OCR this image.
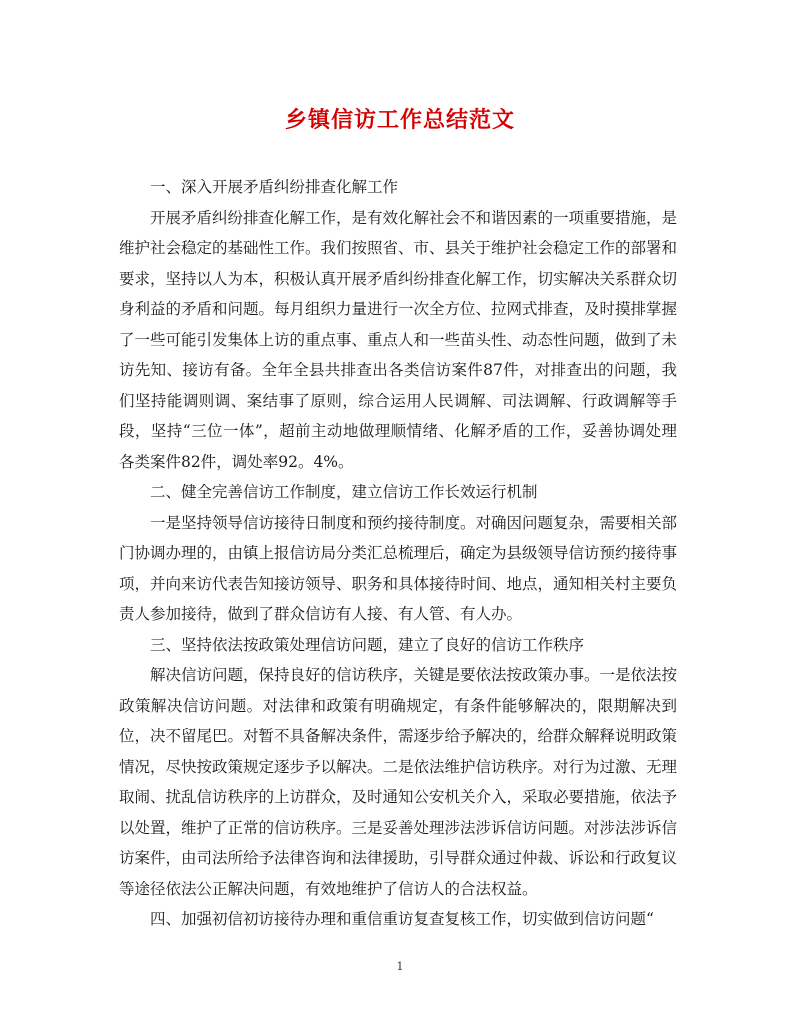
乡镇信访工作总结范文

一、深入开展矛盾纠纷排查化解工作

开展矛盾纠纷排查化解工作，是有效化解社会不和谐因素的一项重要措施，是维护社会稳定的基础性工作。我们按照省、市、县关于维护社会稳定工作的部署和要求，坚持以人为本，积极认真开展矛盾纠纷排查化解工作，切实解决关系群众切身利益的矛盾和问题。每月组织力量进行一次全方位、拉网式排查，及时摸排掌握了一些可能引发集体上访的重点事、重点人和一些苗头性、动态性问题，做到了未访先知、接访有备。全年全县共排查出各类信访案件87件，对排查出的问题，我们坚持能调则调、案结事了原则，综合运用人民调解、司法调解、行政调解等手段，坚持“三位一体”，超前主动地做理顺情绪、化解矛盾的工作，妥善协调处理各类案件82件，调处率92。4%。

二、健全完善信访工作制度，建立信访工作长效运行机制

一是坚持领导信访接待日制度和预约接待制度。对确因问题复杂，需要相关部门协调办理的，由镇上报信访局分类汇总梳理后，确定为县级领导信访预约接待事项，并向来访代表告知接访领导、职务和具体接待时间、地点，通知相关村主要负责人参加接待，做到了群众信访有人接、有人管、有人办。

三、坚持依法按政策处理信访问题，建立了良好的信访工作秩序

解决信访问题，保持良好的信访秩序，关键是要依法按政策办事。一是依法按政策解决信访问题。对法律和政策有明确规定，有条件能够解决的，限期解决到位，决不留尾巴。对暂不具备解决条件，需逐步给予解决的，给群众解释说明政策情况，尽快按政策规定逐步予以解决。二是依法维护信访秩序。对行为过激、无理取闹、扰乱信访秩序的上访群众，及时通知公安机关介入，采取必要措施，依法予以处置，维护了正常的信访秩序。三是妥善处理涉法涉诉信访问题。对涉法涉诉信访案件，由司法所给予法律咨询和法律援助，引导群众通过仲裁、诉讼和行政复议等途径依法公正解决问题，有效地维护了信访人的合法权益。

四、加强初信初访接待办理和重信重访复查复核工作，切实做到信访问题“

1
